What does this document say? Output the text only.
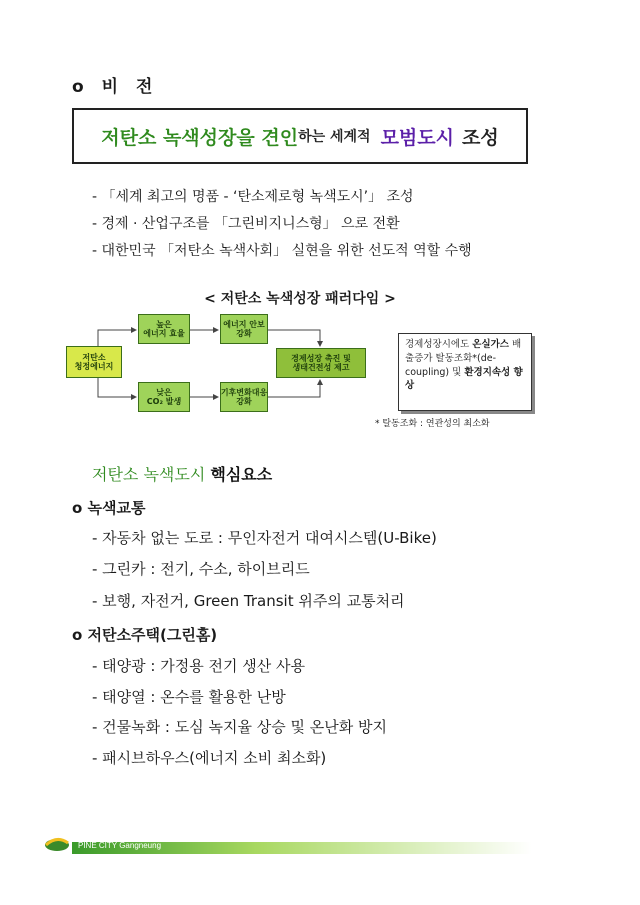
o 비 전
저탄소 녹색성장을 견인 하는 세계적 모범도시 조성
- 「세계 최고의 명품 - ‘탄소제로형 녹색도시’」 조성
- 경제 · 산업구조를 「그린비지니스형」 으로 전환
- 대한민국 「저탄소 녹색사회」 실현을 위한 선도적 역할 수행
< 저탄소 녹색성장 패러다임 >
저탄소
청정에너지
높은
에너지 효율
에너지 안보
강화
낮은
CO₂ 발생
기후변화대응
강화
경제성장 촉진 및
생태건전성 제고
경제성장시에도 온실가스 배출증가 탈동조화*(de-coupling) 및 환경지속성 향상
* 탈동조화 : 연관성의 최소화
저탄소 녹색도시 핵심요소
o 녹색교통
- 자동차 없는 도로 : 무인자전거 대여시스템(U-Bike)
- 그린카 : 전기, 수소, 하이브리드
- 보행, 자전거, Green Transit 위주의 교통처리
o 저탄소주택(그린홈)
- 태양광 : 가정용 전기 생산 사용
- 태양열 : 온수를 활용한 난방
- 건물녹화 : 도심 녹지율 상승 및 온난화 방지
- 패시브하우스(에너지 소비 최소화)
PINE CITY Gangneung
